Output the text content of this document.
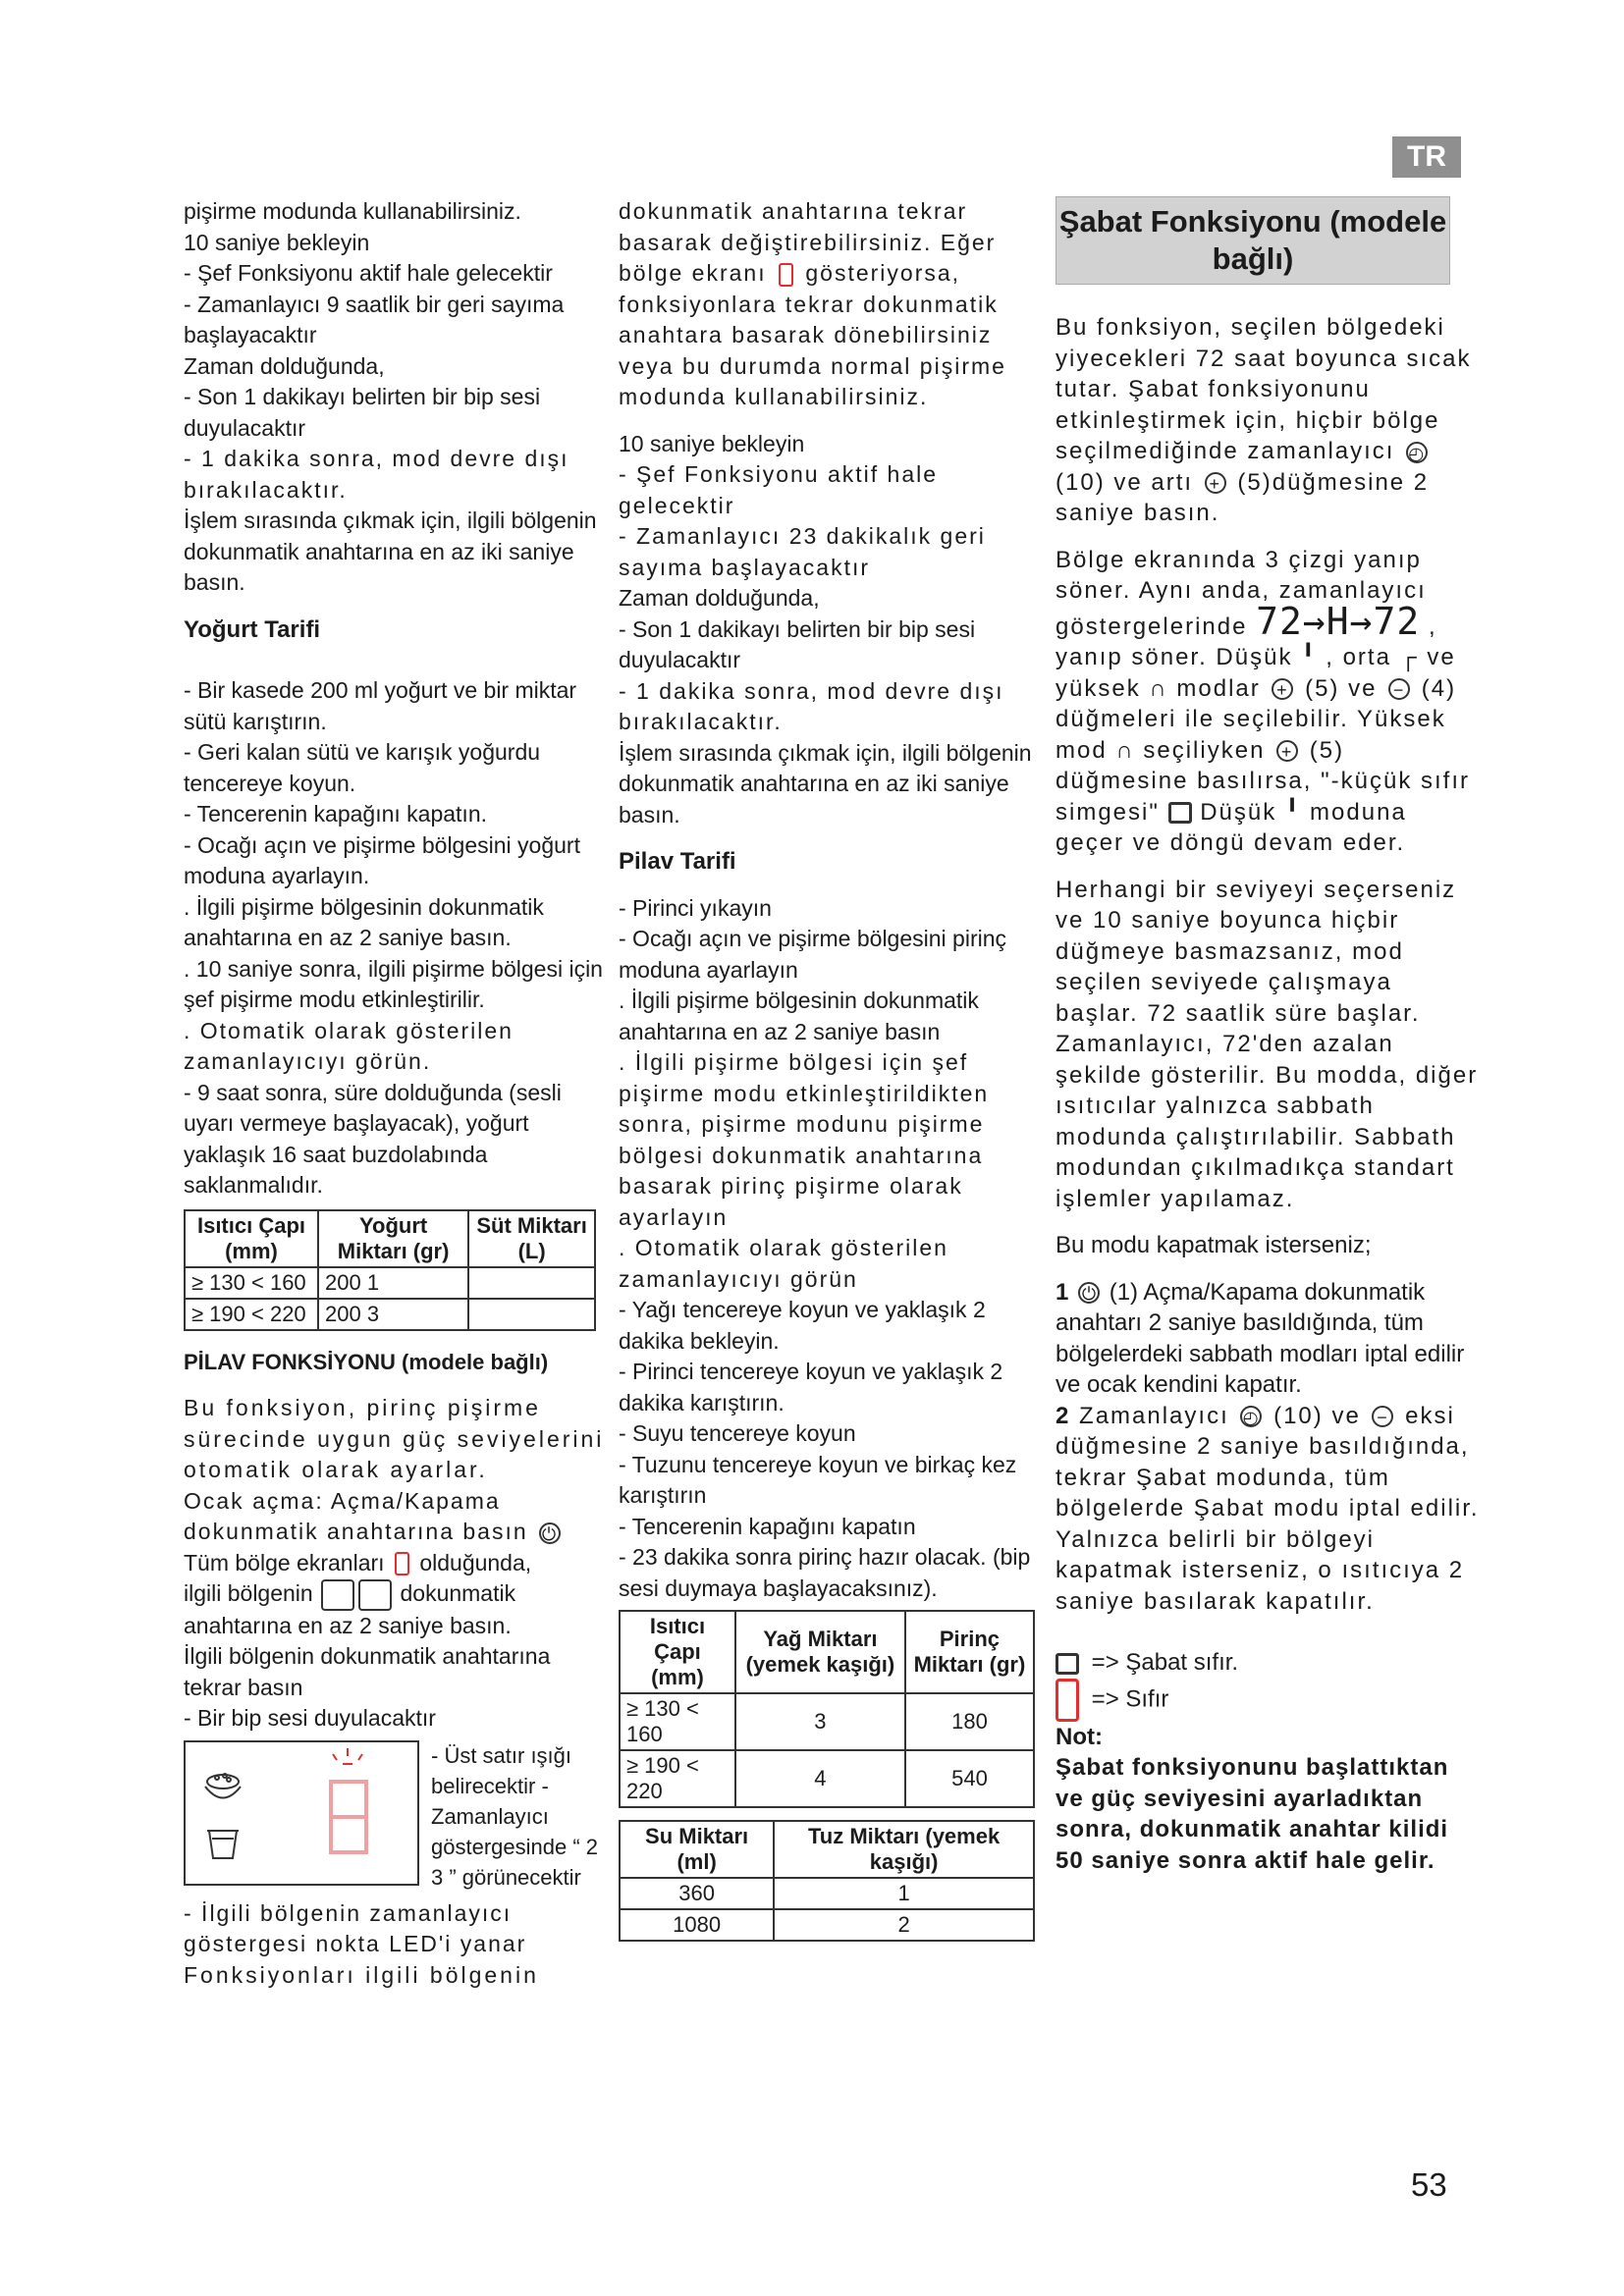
TR

pişirme modunda kullanabilirsiniz.

10 saniye bekleyin

- Şef Fonksiyonu aktif hale gelecektir

- Zamanlayıcı 9 saatlik bir geri sayıma başlayacaktır

Zaman dolduğunda,

- Son 1 dakikayı belirten bir bip sesi duyulacaktır

- 1 dakika sonra, mod devre dışı bırakılacaktır.

İşlem sırasında çıkmak için, ilgili bölgenin dokunmatik anahtarına en az iki saniye basın.

Yoğurt Tarifi

- Bir kasede 200 ml yoğurt ve bir miktar sütü karıştırın.

- Geri kalan sütü ve karışık yoğurdu tencereye koyun.

- Tencerenin kapağını kapatın.

- Ocağı açın ve pişirme bölgesini yoğurt moduna ayarlayın.

. İlgili pişirme bölgesinin dokunmatik anahtarına en az 2 saniye basın.

. 10 saniye sonra, ilgili pişirme bölgesi için şef pişirme modu etkinleştirilir.

. Otomatik olarak gösterilen zamanlayıcıyı görün.

- 9 saat sonra, süre dolduğunda (sesli uyarı vermeye başlayacak), yoğurt yaklaşık 16 saat buzdolabında saklanmalıdır.

Isıtıcı Çapı (mm)	Yoğurt Miktarı (gr)	Süt Miktarı (L)
≥ 130 < 160	200 1	
≥ 190 < 220	200 3	

PİLAV FONKSİYONU (modele bağlı)

Bu fonksiyon, pirinç pişirme sürecinde uygun güç seviyelerini otomatik olarak ayarlar.

Ocak açma: Açma/Kapama dokunmatik anahtarına basın ⏻

Tüm bölge ekranları olduğunda,

ilgili bölgenin	dokunmatik anahtarına en az 2 saniye basın.

İlgili bölgenin dokunmatik anahtarına tekrar basın

- Bir bip sesi duyulacaktır

- Üst satır ışığı belirecektir - Zamanlayıcı göstergesinde “ 2 3 ” görünecektir

- İlgili bölgenin zamanlayıcı göstergesi nokta LED'i yanar

Fonksiyonları ilgili bölgenin

dokunmatik anahtarına tekrar basarak değiştirebilirsiniz. Eğer bölge ekranı gösteriyorsa, fonksiyonlara tekrar dokunmatik anahtara basarak dönebilirsiniz veya bu durumda normal pişirme modunda kullanabilirsiniz.

10 saniye bekleyin

- Şef Fonksiyonu aktif hale gelecektir

- Zamanlayıcı 23 dakikalık geri sayıma başlayacaktır

Zaman dolduğunda,

- Son 1 dakikayı belirten bir bip sesi duyulacaktır

- 1 dakika sonra, mod devre dışı bırakılacaktır.

İşlem sırasında çıkmak için, ilgili bölgenin dokunmatik anahtarına en az iki saniye basın.

Pilav Tarifi

- Pirinci yıkayın

- Ocağı açın ve pişirme bölgesini pirinç moduna ayarlayın

. İlgili pişirme bölgesinin dokunmatik anahtarına en az 2 saniye basın

. İlgili pişirme bölgesi için şef pişirme modu etkinleştirildikten sonra, pişirme modunu pişirme bölgesi dokunmatik anahtarına basarak pirinç pişirme olarak ayarlayın

. Otomatik olarak gösterilen zamanlayıcıyı görün

- Yağı tencereye koyun ve yaklaşık 2 dakika bekleyin.

- Pirinci tencereye koyun ve yaklaşık 2 dakika karıştırın.

- Suyu tencereye koyun

- Tuzunu tencereye koyun ve birkaç kez karıştırın

- Tencerenin kapağını kapatın

- 23 dakika sonra pirinç hazır olacak. (bip sesi duymaya başlayacaksınız).

Isıtıcı Çapı (mm)	Yağ Miktarı (yemek kaşığı)	Pirinç Miktarı (gr)
≥ 130 < 160	3	180
≥ 190 < 220	4	540
Su Miktarı (ml)	Tuz Miktarı (yemek kaşığı)
360	1
1080	2
Şabat Fonksiyonu (modele bağlı)

Bu fonksiyon, seçilen bölgedeki yiyecekleri 72 saat boyunca sıcak tutar. Şabat fonksiyonunu etkinleştirmek için, hiçbir bölge seçilmediğinde zamanlayıcı ◴ (10) ve artı + (5)düğmesine 2 saniye basın.

Bölge ekranında 3 çizgi yanıp söner. Aynı anda, zamanlayıcı göstergelerinde 72→H→72 , yanıp söner. Düşük ╹ , orta ┌ ve yüksek ∩ modlar + (5) ve − (4) düğmeleri ile seçilebilir. Yüksek mod ∩ seçiliyken + (5) düğmesine basılırsa, "-küçük sıfır simgesi" Düşük ╹ moduna geçer ve döngü devam eder.

Herhangi bir seviyeyi seçerseniz ve 10 saniye boyunca hiçbir düğmeye basmazsanız, mod seçilen seviyede çalışmaya başlar. 72 saatlik süre başlar. Zamanlayıcı, 72'den azalan şekilde gösterilir. Bu modda, diğer ısıtıcılar yalnızca sabbath modunda çalıştırılabilir. Sabbath modundan çıkılmadıkça standart işlemler yapılamaz.

Bu modu kapatmak isterseniz;

1 ⏻ (1) Açma/Kapama dokunmatik anahtarı 2 saniye basıldığında, tüm bölgelerdeki sabbath modları iptal edilir ve ocak kendini kapatır.

2 Zamanlayıcı ◴ (10) ve − eksi düğmesine 2 saniye basıldığında, tekrar Şabat modunda, tüm bölgelerde Şabat modu iptal edilir. Yalnızca belirli bir bölgeyi kapatmak isterseniz, o ısıtıcıya 2 saniye basılarak kapatılır.

=> Şabat sıfır.

=> Sıfır

Not:

Şabat fonksiyonunu başlattıktan ve güç seviyesini ayarladıktan sonra, dokunmatik anahtar kilidi 50 saniye sonra aktif hale gelir.

53
